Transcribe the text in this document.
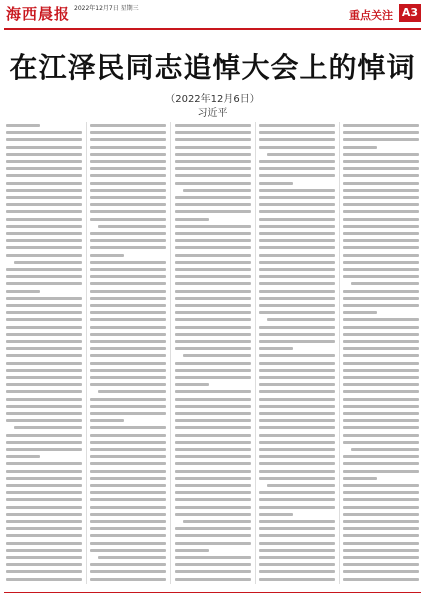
海西晨报 2022年12月7日 星期三
重点关注 A3
在江泽民同志追悼大会上的悼词
（2022年12月6日）
习近平
